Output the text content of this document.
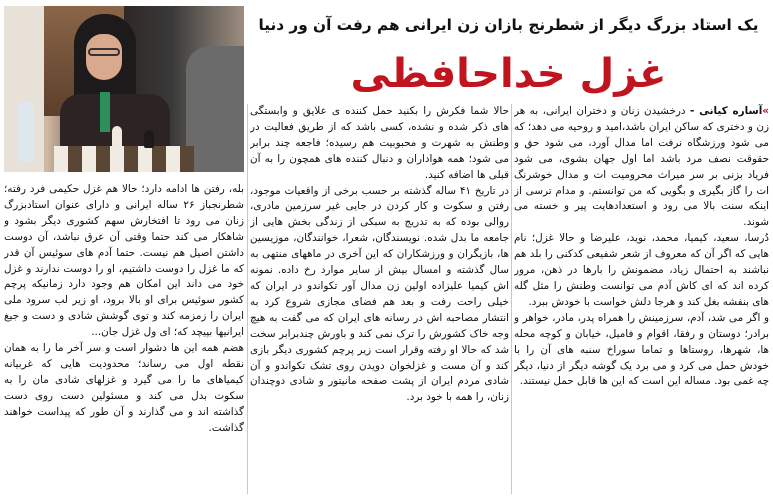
یک استاد بزرگ دیگر از شطرنج بازان زن ایرانی هم رفت آن ور دنیا
غزل خداحافظی

»آساره کیانی - درخشیدن زنان و دختران ایرانی، به هر زن و دختری که ساکن ایران باشد،امید و روحیه می دهد؛ که می شود ورزشگاه نرفت اما مدال آورد، می شود حق و حقوقت نصف مرد باشد اما اول جهان بشوی، می شود فریاد بزنی بر سر میراث محرومیت ات و مدال خوشرنگ ات را گاز بگیری و بگویی که من توانستم. و مدام ترسی از اینکه سنت بالا می رود و استعدادهایت پیر و خسته می شوند.

دُرسا، سعید، کیمیا، محمد، نوید، علیرضا و حالا غزل؛ نام هایی که اگر آن که معروف از شعر شفیعی کدکنی را بلد هم نباشند به احتمال زیاد، مضمونش را بارها در ذهن، مرور کرده اند که ای کاش آدم می توانست وطنش را مثل گله های بنفشه بغل کند و هرجا دلش خواست با خودش ببرد.

و اگر می شد، آدم، سرزمینش را همراه پدر، مادر، خواهر و برادر؛ دوستان و رفقا، اقوام و فامیل، خیابان و کوچه محله ها، شهرها، روستاها و تماما سوراخ سنبه های آن را با خودش حمل می کرد و می برد یک گوشه دیگر از دنیا، دیگر چه غمی بود. مساله این است که این ها قابل حمل نیستند.

حالا شما فکرش را بکنید حمل کننده ی علایق و وابستگی های ذکر شده و نشده، کسی باشد که از طریق فعالیت در وطنش به شهرت و محبوبیت هم رسیده؛ فاجعه چند برابر می شود؛ همه هواداران و دنبال کننده های همچون را به آن قبلی ها اضافه کنید.

در تاریخ ۴۱ ساله گذشته بر حسب برخی از واقعیات موجود، رفتن و سکوت و کار کردن در جایی غیر سرزمین مادری، روالی بوده که به تدریج به سبکی از زندگی بخش هایی از جامعه ما بدل شده. نویسندگان، شعرا، خوانندگان، موزیسین ها، بازیگران و ورزشکاران که این آخری در ماههای منتهی به سال گذشته و امسال بیش از سایر موارد رخ داده. نمونه اش کیمیا علیزاده اولین زن مدال آور تکواندو در ایران که خیلی راحت رفت و بعد هم فضای مجازی شروع کرد به انتشار مصاحبه اش در رسانه های ایران که می گفت به هیچ وجه خاک کشورش را ترک نمی کند و باورش چندبرابر سخت شد که حالا او رفته وقرار است زیر پرچم کشوری دیگر بازی کند و آن مست و غزلخوان دویدن روی تشک تکواندو و آن شادی مردم ایران از پشت صفحه مانیتور و شادی دوچندان زنان، را همه با خود برد.

بله، رفتن ها ادامه دارد؛ حالا هم غزل حکیمی فرد رفته؛ شطرنجباز ۲۶ ساله ایرانی و دارای عنوان استادبزرگ زنان می رود تا افتخارش سهم کشوری دیگر بشود و شاهکار می کند حتما وقتی آن عرق نباشد، آن دوست داشتن اصیل هم نیست. حتما آدم های سوئیس آن قدر که ما غزل را دوست داشتیم، او را دوست ندارند و غزل خود می داند این امکان هم وجود دارد زمانیکه پرچم کشور سوئیس برای او بالا برود، او زیر لب سرود ملی ایران را زمزمه کند و توی گوشش شادی و دست و جیغ ایرانیها بپیچد که؛ ای ول غزل جان...

هضم همه این ها دشوار است و سر آخر ما را به همان نقطه اول می رساند؛ محدودیت هایی که غربیانه کیمیاهای ما را می گیرد و غزلهای شادی مان را به سکوت بدل می کند و مسئولین دست روی دست گذاشته اند و می گذارند و آن طور که پیداست خواهند گذاشت.
